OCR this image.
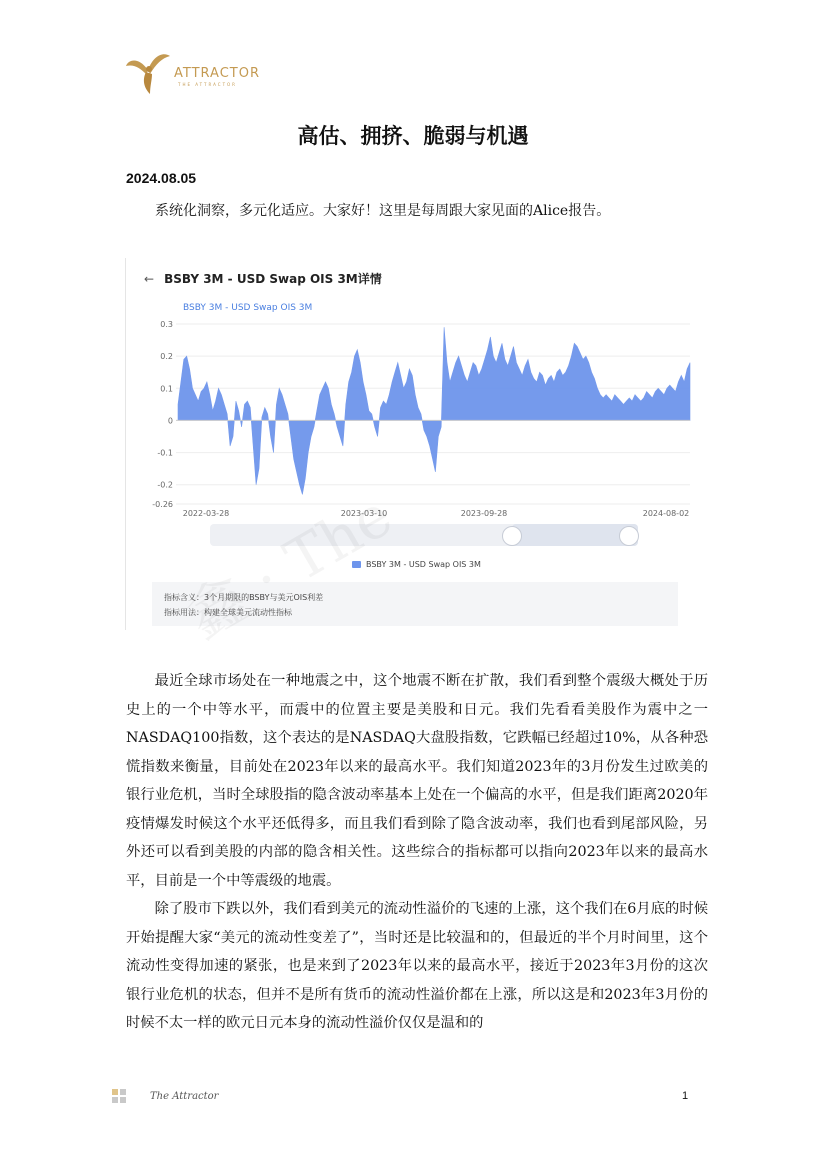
ATTRACTOR
THE ATTRACTOR
高估、拥挤、脆弱与机遇
2024.08.05
系统化洞察，多元化适应。大家好！这里是每周跟大家见面的Alice报告。
← BSBY 3M - USD Swap OIS 3M详情
BSBY 3M - USD Swap OIS 3M
0.3
0.2
0.1
0
-0.1
-0.2
-0.26
2022-03-28	2023-03-10	2023-09-28	2024-08-02
BSBY 3M - USD Swap OIS 3M
指标含义：3个月期限的BSBY与美元OIS利差
指标用法：构建全球美元流动性指标

最近全球市场处在一种地震之中，这个地震不断在扩散，我们看到整个震级大概处于历史上的一个中等水平，而震中的位置主要是美股和日元。我们先看看美股作为震中之一NASDAQ100指数，这个表达的是NASDAQ大盘股指数，它跌幅已经超过10%，从各种恐慌指数来衡量，目前处在2023年以来的最高水平。我们知道2023年的3月份发生过欧美的银行业危机，当时全球股指的隐含波动率基本上处在一个偏高的水平，但是我们距离2020年疫情爆发时候这个水平还低得多，而且我们看到除了隐含波动率，我们也看到尾部风险，另外还可以看到美股的内部的隐含相关性。这些综合的指标都可以指向2023年以来的最高水平，目前是一个中等震级的地震。

除了股市下跌以外，我们看到美元的流动性溢价的飞速的上涨，这个我们在6月底的时候开始提醒大家“美元的流动性变差了”，当时还是比较温和的，但最近的半个月时间里，这个流动性变得加速的紧张，也是来到了2023年以来的最高水平，接近于2023年3月份的这次银行业危机的状态，但并不是所有货币的流动性溢价都在上涨，所以这是和2023年3月份的时候不太一样的欧元日元本身的流动性溢价仅仅是温和的

The Attractor	1
